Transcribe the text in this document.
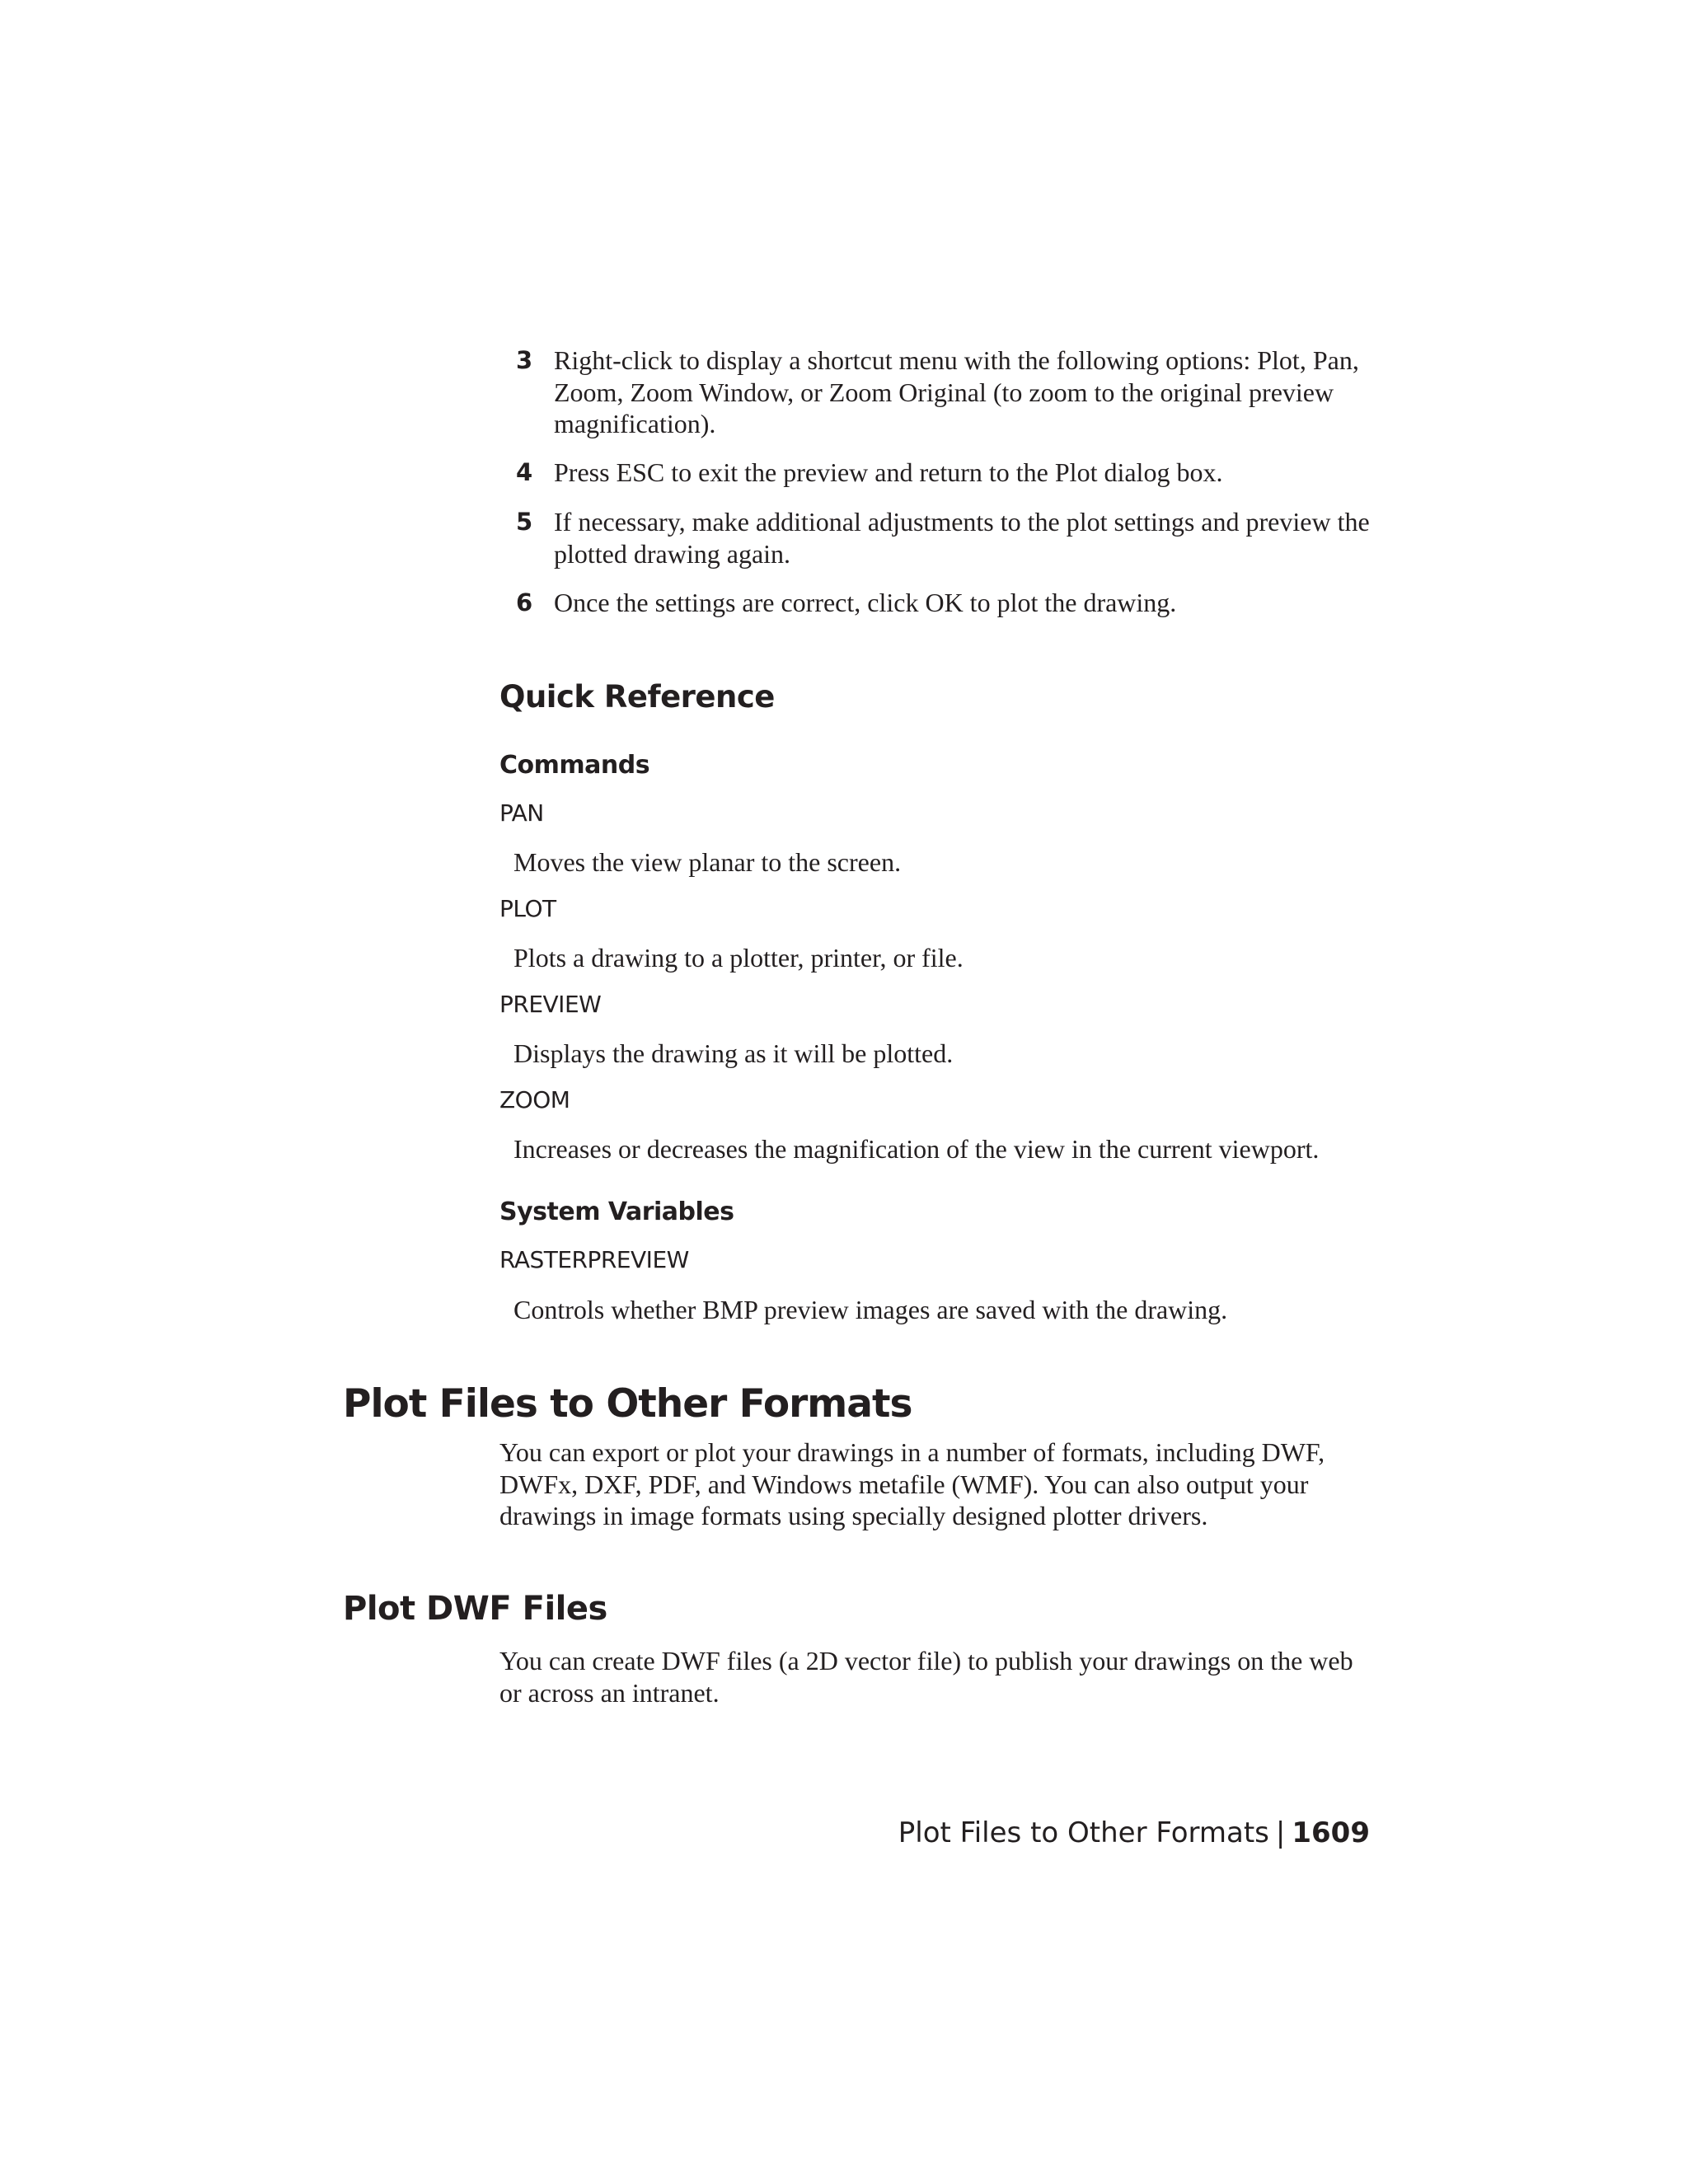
3 Right-click to display a shortcut menu with the following options: Plot, Pan, Zoom, Zoom Window, or Zoom Original (to zoom to the original preview magnification).
4 Press ESC to exit the preview and return to the Plot dialog box.
5 If necessary, make additional adjustments to the plot settings and preview the plotted drawing again.
6 Once the settings are correct, click OK to plot the drawing.
Quick Reference
Commands
PAN
Moves the view planar to the screen.
PLOT
Plots a drawing to a plotter, printer, or file.
PREVIEW
Displays the drawing as it will be plotted.
ZOOM
Increases or decreases the magnification of the view in the current viewport.
System Variables
RASTERPREVIEW
Controls whether BMP preview images are saved with the drawing.
Plot Files to Other Formats
You can export or plot your drawings in a number of formats, including DWF, DWFx, DXF, PDF, and Windows metafile (WMF). You can also output your drawings in image formats using specially designed plotter drivers.
Plot DWF Files
You can create DWF files (a 2D vector file) to publish your drawings on the web or across an intranet.
Plot Files to Other Formats | 1609
